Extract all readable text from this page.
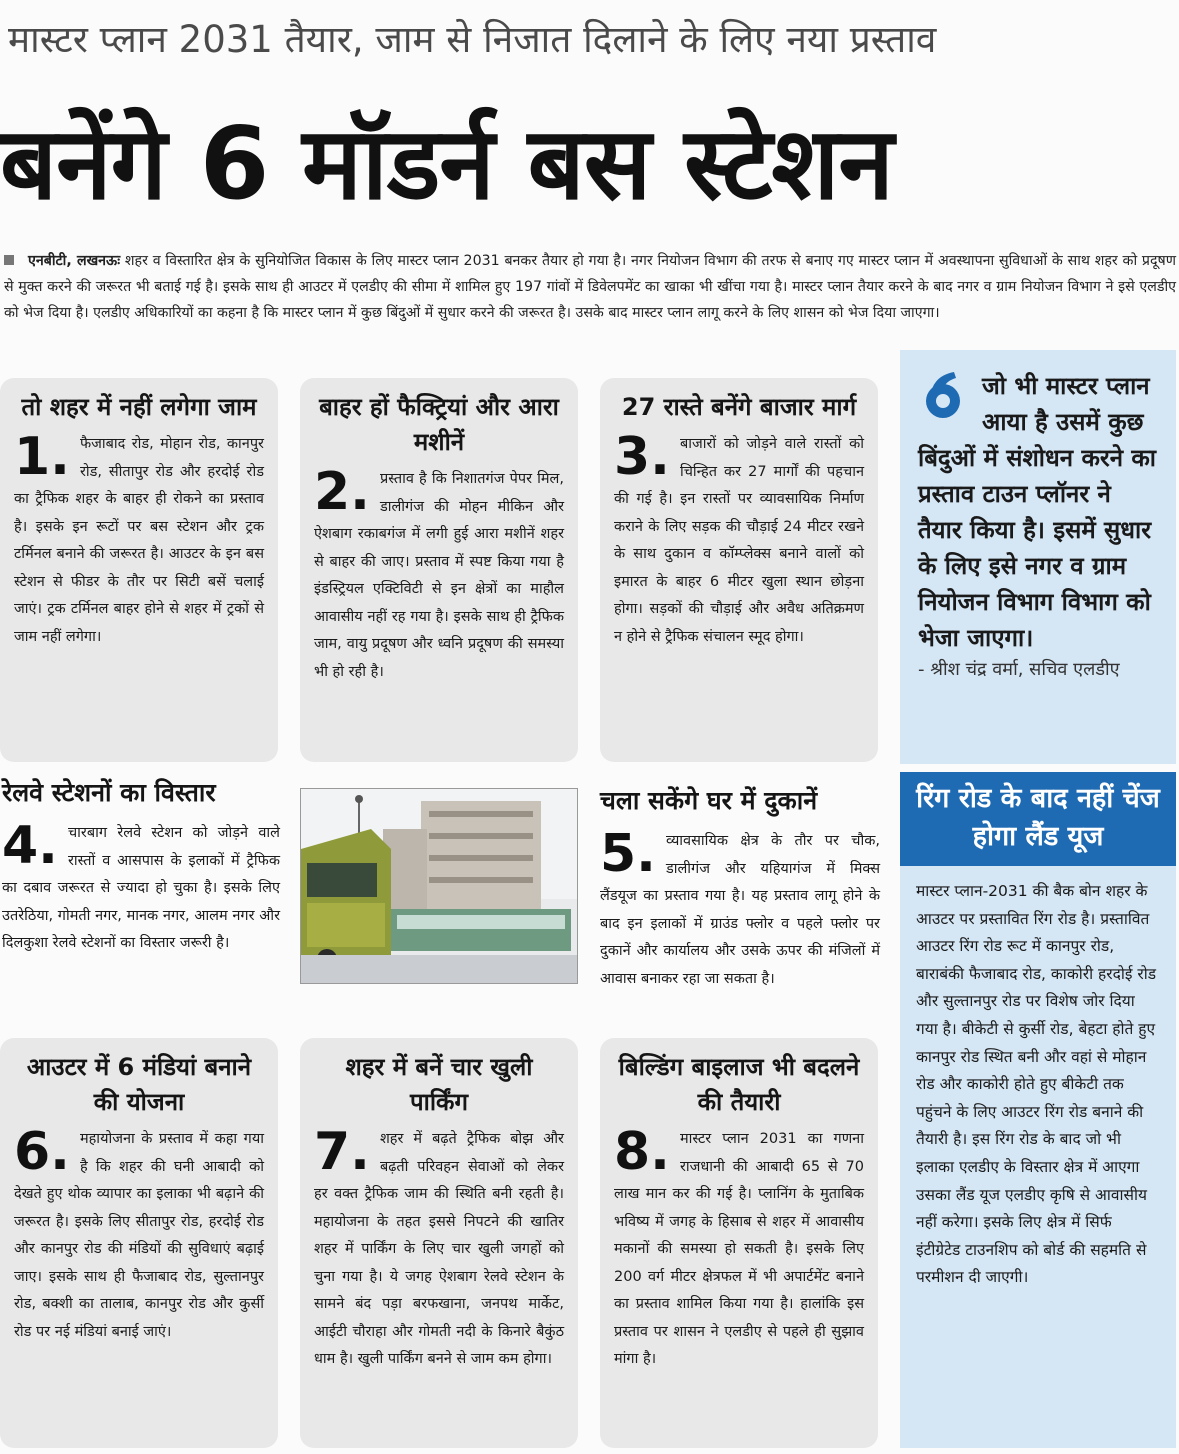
मास्टर प्लान 2031 तैयार, जाम से निजात दिलाने के लिए नया प्रस्ताव
बनेंगे 6 मॉडर्न बस स्टेशन
एनबीटी, लखनऊः शहर व विस्तारित क्षेत्र के सुनियोजित विकास के लिए मास्टर प्लान 2031 बनकर तैयार हो गया है। नगर नियोजन विभाग की तरफ से बनाए गए मास्टर प्लान में अवस्थापना सुविधाओं के साथ शहर को प्रदूषण से मुक्त करने की जरूरत भी बताई गई है। इसके साथ ही आउटर में एलडीए की सीमा में शामिल हुए 197 गांवों में डिवेलपमेंट का खाका भी खींचा गया है। मास्टर प्लान तैयार करने के बाद नगर व ग्राम नियोजन विभाग ने इसे एलडीए को भेज दिया है। एलडीए अधिकारियों का कहना है कि मास्टर प्लान में कुछ बिंदुओं में सुधार करने की जरूरत है। उसके बाद मास्टर प्लान लागू करने के लिए शासन को भेज दिया जाएगा।
तो शहर में नहीं लगेगा जाम
1. फैजाबाद रोड, मोहान रोड, कानपुर रोड, सीतापुर रोड और हरदोई रोड का ट्रैफिक शहर के बाहर ही रोकने का प्रस्ताव है। इसके इन रूटों पर बस स्टेशन और ट्रक टर्मिनल बनाने की जरूरत है। आउटर के इन बस स्टेशन से फीडर के तौर पर सिटी बसें चलाई जाएं। ट्रक टर्मिनल बाहर होने से शहर में ट्रकों से जाम नहीं लगेगा।
बाहर हों फैक्ट्रियां और आरा मशीनें
2. प्रस्ताव है कि निशातगंज पेपर मिल, डालीगंज की मोहन मीकिन और ऐशबाग रकाबगंज में लगी हुई आरा मशीनें शहर से बाहर की जाए। प्रस्ताव में स्पष्ट किया गया है इंडस्ट्रियल एक्टिविटी से इन क्षेत्रों का माहौल आवासीय नहीं रह गया है। इसके साथ ही ट्रैफिक जाम, वायु प्रदूषण और ध्वनि प्रदूषण की समस्या भी हो रही है।
27 रास्ते बनेंगे बाजार मार्ग
3. बाजारों को जोड़ने वाले रास्तों को चिन्हित कर 27 मार्गों की पहचान की गई है। इन रास्तों पर व्यावसायिक निर्माण कराने के लिए सड़क की चौड़ाई 24 मीटर रखने के साथ दुकान व कॉम्प्लेक्स बनाने वालों को इमारत के बाहर 6 मीटर खुला स्थान छोड़ना होगा। सड़कों की चौड़ाई और अवैध अतिक्रमण न होने से ट्रैफिक संचालन स्मूद होगा।
जो भी मास्टर प्लान आया है उसमें कुछ बिंदुओं में संशोधन करने का प्रस्ताव टाउन प्लॉनर ने तैयार किया है। इसमें सुधार के लिए इसे नगर व ग्राम नियोजन विभाग विभाग को भेजा जाएगा।
- श्रीश चंद्र वर्मा, सचिव एलडीए
रेलवे स्टेशनों का विस्तार
4. चारबाग रेलवे स्टेशन को जोड़ने वाले रास्तों व आसपास के इलाकों में ट्रैफिक का दबाव जरूरत से ज्यादा हो चुका है। इसके लिए उतरेठिया, गोमती नगर, मानक नगर, आलम नगर और दिलकुशा रेलवे स्टेशनों का विस्तार जरूरी है।
चला सकेंगे घर में दुकानें
5. व्यावसायिक क्षेत्र के तौर पर चौक, डालीगंज और यहियागंज में मिक्स लैंडयूज का प्रस्ताव गया है। यह प्रस्ताव लागू होने के बाद इन इलाकों में ग्राउंड फ्लोर व पहले फ्लोर पर दुकानें और कार्यालय और उसके ऊपर की मंजिलों में आवास बनाकर रहा जा सकता है।
रिंग रोड के बाद नहीं चेंज होगा लैंड यूज
मास्टर प्लान-2031 की बैक बोन शहर के आउटर पर प्रस्तावित रिंग रोड है। प्रस्तावित आउटर रिंग रोड रूट में कानपुर रोड, बाराबंकी फैजाबाद रोड, काकोरी हरदोई रोड और सुल्तानपुर रोड पर विशेष जोर दिया गया है। बीकेटी से कुर्सी रोड, बेहटा होते हुए कानपुर रोड स्थित बनी और वहां से मोहान रोड और काकोरी होते हुए बीकेटी तक पहुंचने के लिए आउटर रिंग रोड बनाने की तैयारी है। इस रिंग रोड के बाद जो भी इलाका एलडीए के विस्तार क्षेत्र में आएगा उसका लैंड यूज एलडीए कृषि से आवासीय नहीं करेगा। इसके लिए क्षेत्र में सिर्फ इंटीग्रेटेड टाउनशिप को बोर्ड की सहमति से परमीशन दी जाएगी।
आउटर में 6 मंडियां बनाने की योजना
6. महायोजना के प्रस्ताव में कहा गया है कि शहर की घनी आबादी को देखते हुए थोक व्यापार का इलाका भी बढ़ाने की जरूरत है। इसके लिए सीतापुर रोड, हरदोई रोड और कानपुर रोड की मंडियों की सुविधाएं बढ़ाई जाए। इसके साथ ही फैजाबाद रोड, सुल्तानपुर रोड, बक्शी का तालाब, कानपुर रोड और कुर्सी रोड पर नई मंडियां बनाई जाएं।
शहर में बनें चार खुली पार्किंग
7. शहर में बढ़ते ट्रैफिक बोझ और बढ़ती परिवहन सेवाओं को लेकर हर वक्त ट्रैफिक जाम की स्थिति बनी रहती है। महायोजना के तहत इससे निपटने की खातिर शहर में पार्किंग के लिए चार खुली जगहों को चुना गया है। ये जगह ऐशबाग रेलवे स्टेशन के सामने बंद पड़ा बरफखाना, जनपथ मार्केट, आईटी चौराहा और गोमती नदी के किनारे बैकुंठ धाम है। खुली पार्किंग बनने से जाम कम होगा।
बिल्डिंग बाइलाज भी बदलने की तैयारी
8. मास्टर प्लान 2031 का गणना राजधानी की आबादी 65 से 70 लाख मान कर की गई है। प्लानिंग के मुताबिक भविष्य में जगह के हिसाब से शहर में आवासीय मकानों की समस्या हो सकती है। इसके लिए 200 वर्ग मीटर क्षेत्रफल में भी अपार्टमेंट बनाने का प्रस्ताव शामिल किया गया है। हालांकि इस प्रस्ताव पर शासन ने एलडीए से पहले ही सुझाव मांगा है।
